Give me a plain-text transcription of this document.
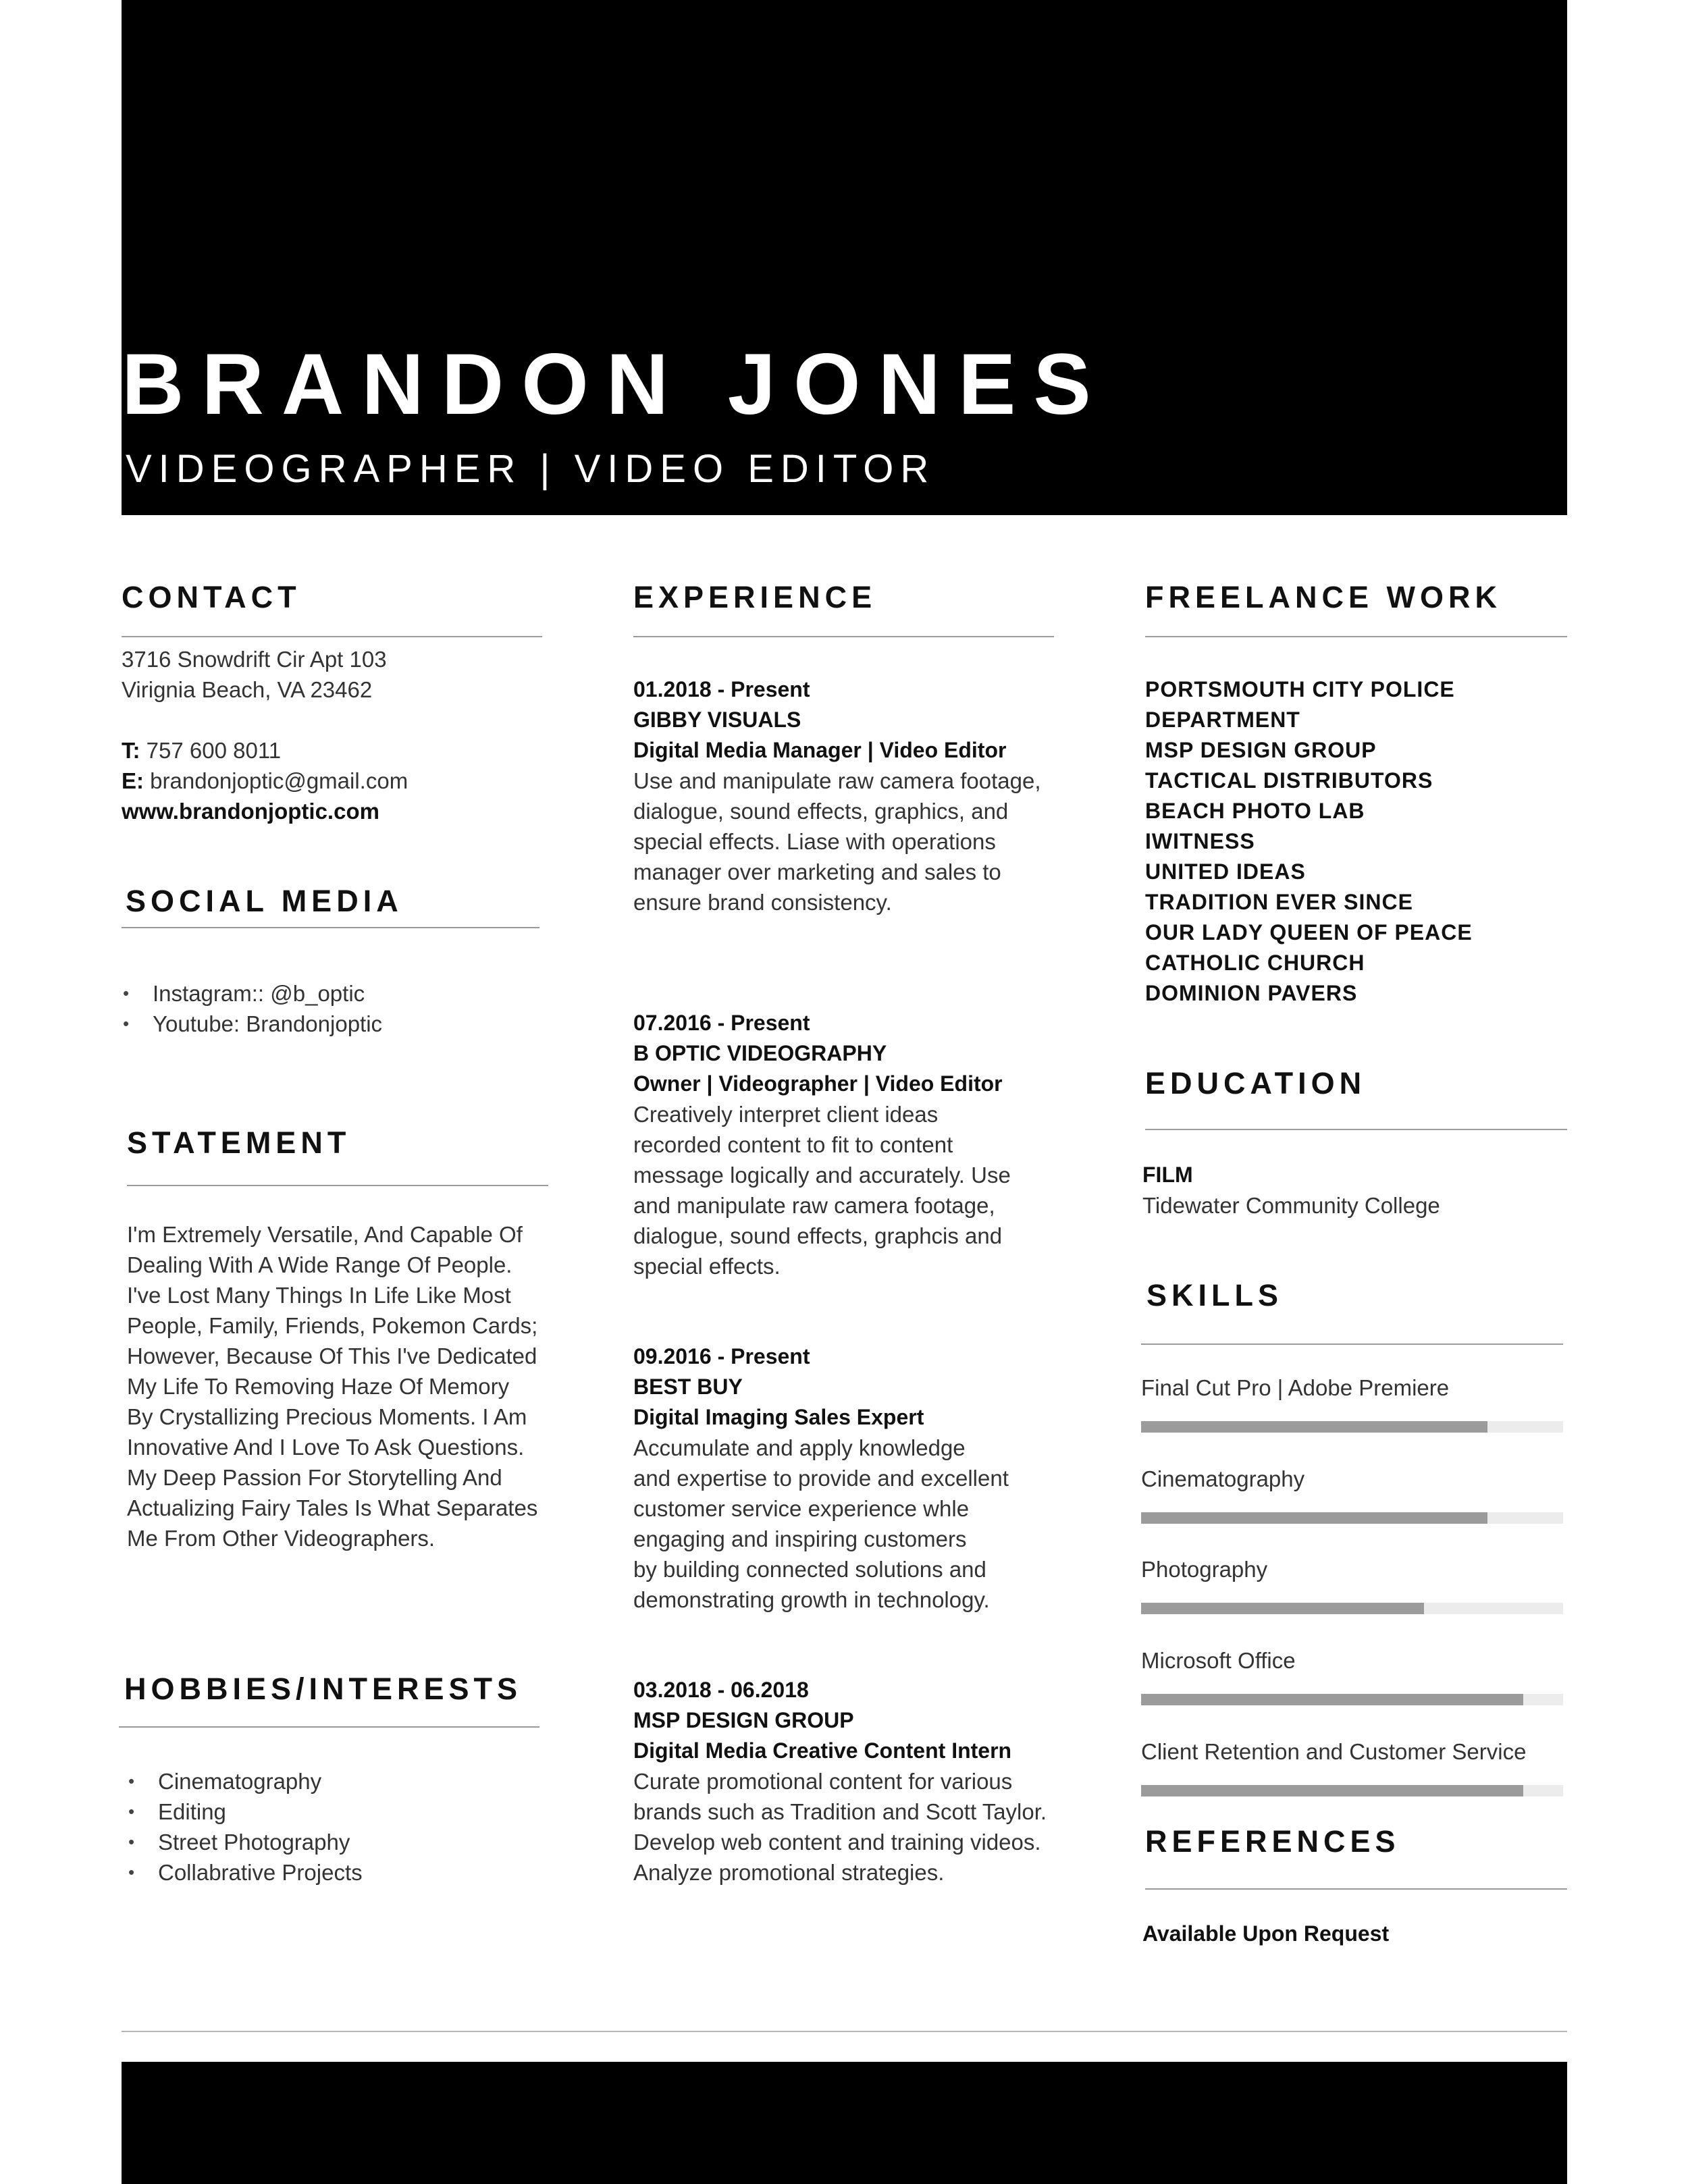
BRANDON JONES
VIDEOGRAPHER | VIDEO EDITOR
CONTACT
3716 Snowdrift Cir Apt 103
Virignia Beach, VA 23462
T: 757 600 8011
E: brandonjoptic@gmail.com
www.brandonjoptic.com
SOCIAL MEDIA
• Instagram:: @b_optic
• Youtube: Brandonjoptic
STATEMENT
I'm Extremely Versatile, And Capable Of
Dealing With A Wide Range Of People.
I've Lost Many Things In Life Like Most
People, Family, Friends, Pokemon Cards;
However, Because Of This I've Dedicated
My Life To Removing Haze Of Memory
By Crystallizing Precious Moments. I Am
Innovative And I Love To Ask Questions.
My Deep Passion For Storytelling And
Actualizing Fairy Tales Is What Separates
Me From Other Videographers.
HOBBIES/INTERESTS
• Cinematography
• Editing
• Street Photography
• Collabrative Projects
EXPERIENCE
01.2018 - Present
GIBBY VISUALS
Digital Media Manager | Video Editor
Use and manipulate raw camera footage,
dialogue, sound effects, graphics, and
special effects. Liase with operations
manager over marketing and sales to
ensure brand consistency.
07.2016 - Present
B OPTIC VIDEOGRAPHY
Owner | Videographer | Video Editor
Creatively interpret client ideas
recorded content to fit to content
message logically and accurately. Use
and manipulate raw camera footage,
dialogue, sound effects, graphcis and
special effects.
09.2016 - Present
BEST BUY
Digital Imaging Sales Expert
Accumulate and apply knowledge
and expertise to provide and excellent
customer service experience whle
engaging and inspiring customers
by building connected solutions and
demonstrating growth in technology.
03.2018 - 06.2018
MSP DESIGN GROUP
Digital Media Creative Content Intern
Curate promotional content for various
brands such as Tradition and Scott Taylor.
Develop web content and training videos.
Analyze promotional strategies.
FREELANCE WORK
PORTSMOUTH CITY POLICE
DEPARTMENT
MSP DESIGN GROUP
TACTICAL DISTRIBUTORS
BEACH PHOTO LAB
IWITNESS
UNITED IDEAS
TRADITION EVER SINCE
OUR LADY QUEEN OF PEACE
CATHOLIC CHURCH
DOMINION PAVERS
EDUCATION
FILM
Tidewater Community College
SKILLS
Final Cut Pro | Adobe Premiere
Cinematography
Photography
Microsoft Office
Client Retention and Customer Service
REFERENCES
Available Upon Request
